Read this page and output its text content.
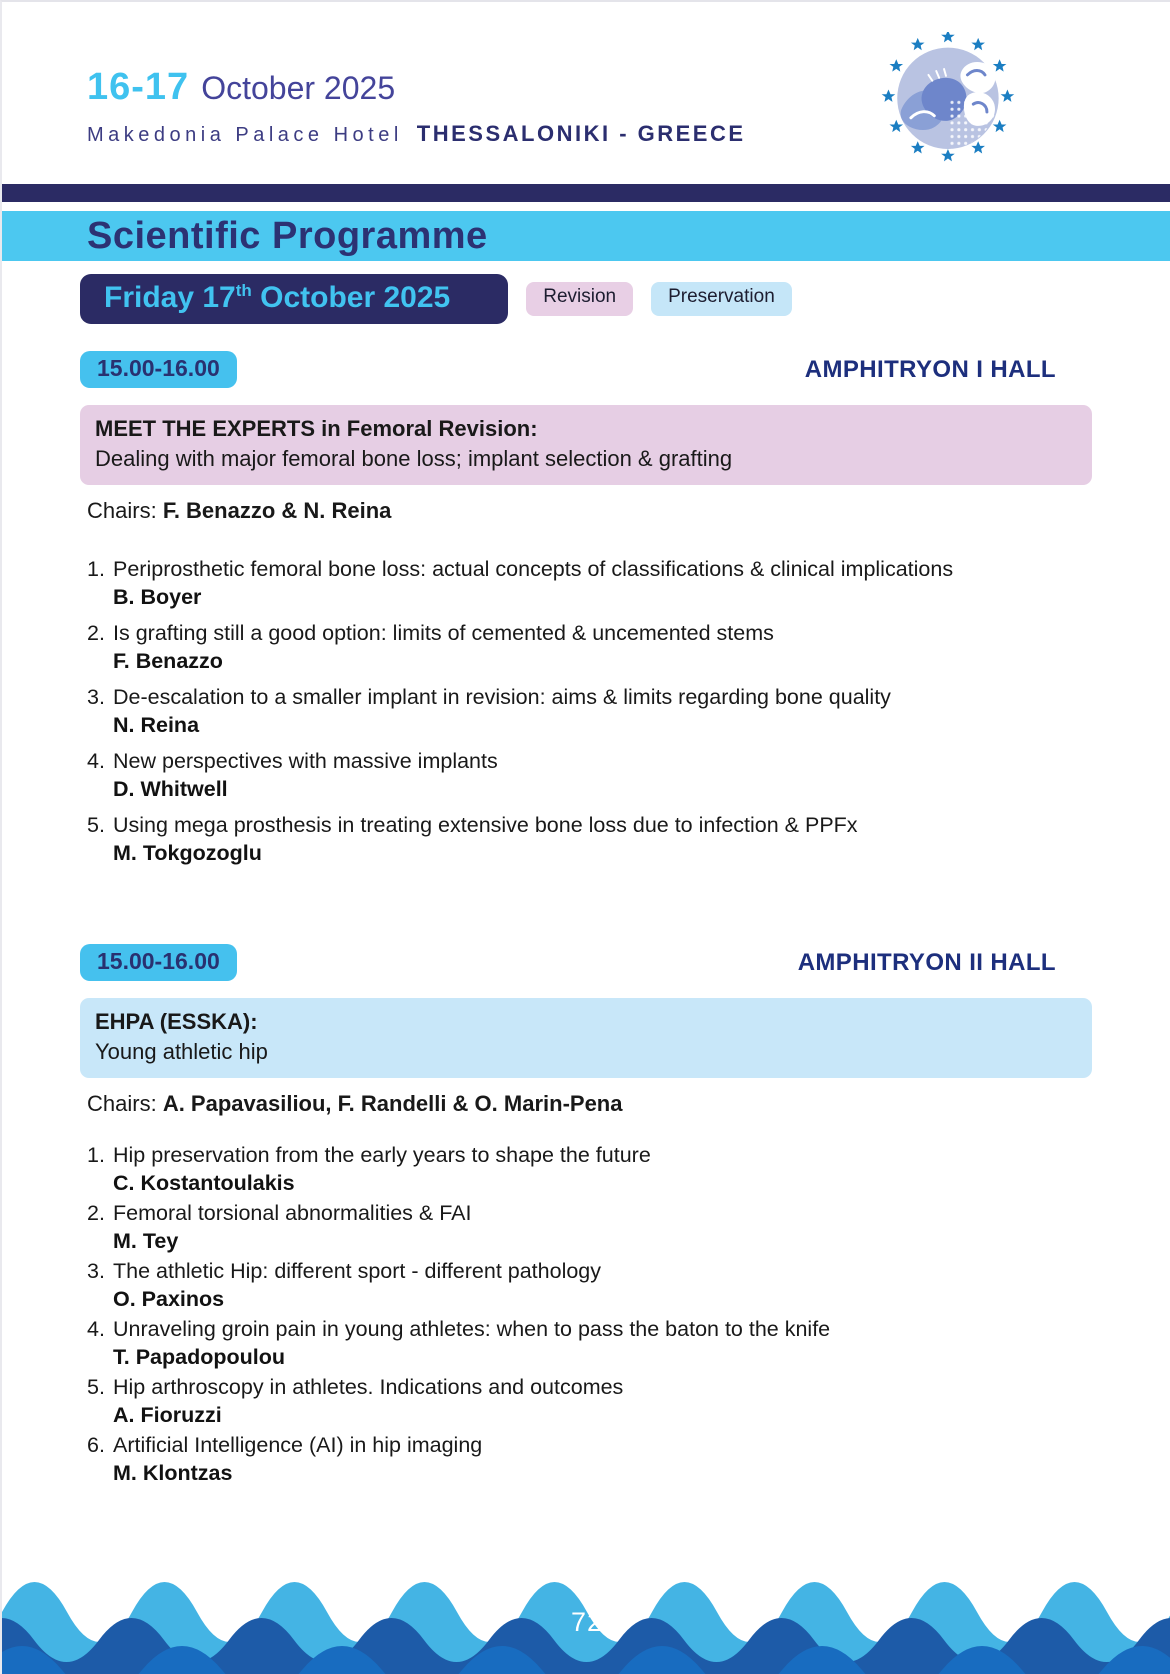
16-17 October 2025
Makedonia Palace Hotel THESSALONIKI - GREECE
Scientific Programme
Friday 17th October 2025	Revision	Preservation
15.00-16.00	AMPHITRYON I HALL
MEET THE EXPERTS in Femoral Revision:
Dealing with major femoral bone loss; implant selection & grafting
Chairs: F. Benazzo & N. Reina
1. Periprosthetic femoral bone loss: actual concepts of classifications & clinical implications
B. Boyer
2. Is grafting still a good option: limits of cemented & uncemented stems
F. Benazzo
3. De-escalation to a smaller implant in revision: aims & limits regarding bone quality
N. Reina
4. New perspectives with massive implants
D. Whitwell
5. Using mega prosthesis in treating extensive bone loss due to infection & PPFx
M. Tokgozoglu
15.00-16.00	AMPHITRYON II HALL
EHPA (ESSKA):
Young athletic hip
Chairs: A. Papavasiliou, F. Randelli & O. Marin-Pena
1. Hip preservation from the early years to shape the future
C. Kostantoulakis
2. Femoral torsional abnormalities & FAI
M. Tey
3. The athletic Hip: different sport - different pathology
O. Paxinos
4. Unraveling groin pain in young athletes: when to pass the baton to the knife
T. Papadopoulou
5. Hip arthroscopy in athletes. Indications and outcomes
A. Fioruzzi
6. Artificial Intelligence (AI) in hip imaging
M. Klontzas
72
